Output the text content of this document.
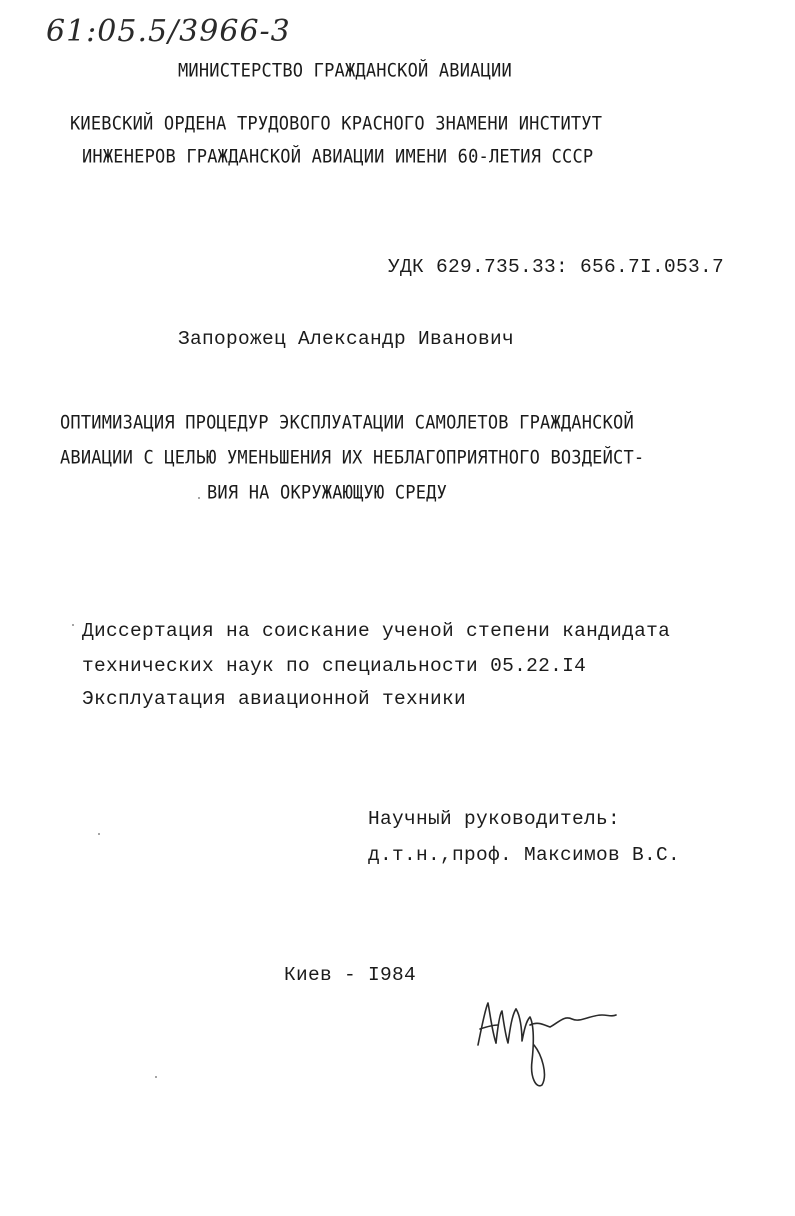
61:05.5/3966-3
МИНИСТЕРСТВО ГРАЖДАНСКОЙ АВИАЦИИ
КИЕВСКИЙ ОРДЕНА ТРУДОВОГО КРАСНОГО ЗНАМЕНИ ИНСТИТУТ
ИНЖЕНЕРОВ ГРАЖДАНСКОЙ АВИАЦИИ ИМЕНИ 60-ЛЕТИЯ СССР
УДК 629.735.33: 656.7I.053.7
Запорожец Александр Иванович
ОПТИМИЗАЦИЯ ПРОЦЕДУР ЭКСПЛУАТАЦИИ САМОЛЕТОВ ГРАЖДАНСКОЙ
АВИАЦИИ С ЦЕЛЬЮ УМЕНЬШЕНИЯ ИХ НЕБЛАГОПРИЯТНОГО ВОЗДЕЙСТ-
ВИЯ НА ОКРУЖАЮЩУЮ СРЕДУ
Диссертация на соискание ученой степени кандидата
технических наук по специальности 05.22.I4
Эксплуатация авиационной техники
Научный руководитель:
д.т.н.,проф. Максимов В.С.
Киев - I984
